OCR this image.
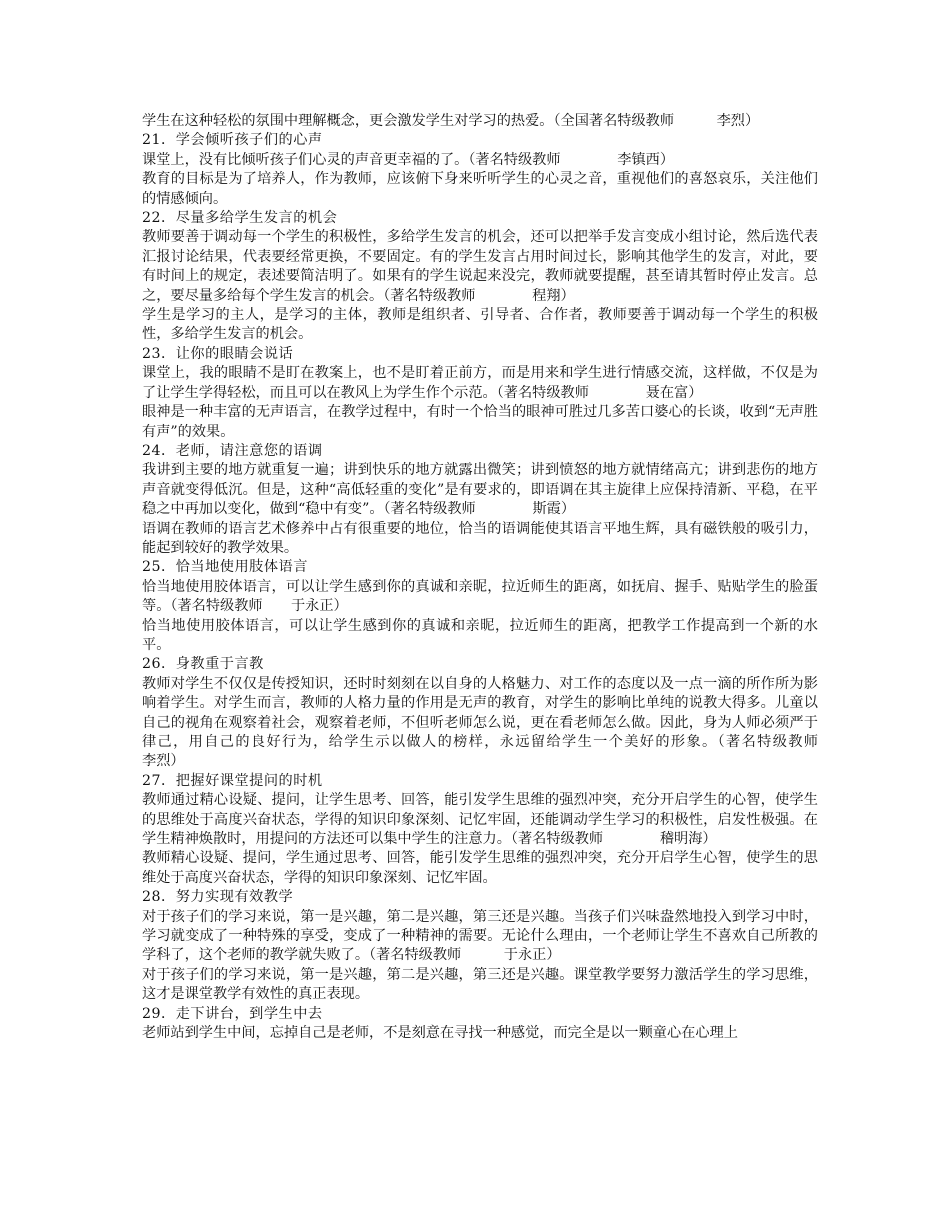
学生在这种轻松的氛围中理解概念，更会激发学生对学习的热爱。（全国著名特级教师　　　李烈）

21．学会倾听孩子们的心声

课堂上，没有比倾听孩子们心灵的声音更幸福的了。（著名特级教师　　　　李镇西）

教育的目标是为了培养人，作为教师，应该俯下身来听听学生的心灵之音，重视他们的喜怒哀乐，关注他们的情感倾向。

22．尽量多给学生发言的机会

教师要善于调动每一个学生的积极性，多给学生发言的机会，还可以把举手发言变成小组讨论，然后选代表汇报讨论结果，代表要经常更换，不要固定。有的学生发言占用时间过长，影响其他学生的发言，对此，要有时间上的规定，表述要简洁明了。如果有的学生说起来没完，教师就要提醒，甚至请其暂时停止发言。总之，要尽量多给每个学生发言的机会。（著名特级教师　　　　程翔）

学生是学习的主人，是学习的主体，教师是组织者、引导者、合作者，教师要善于调动每一个学生的积极性，多给学生发言的机会。

23．让你的眼睛会说话

课堂上，我的眼睛不是盯在教案上，也不是盯着正前方，而是用来和学生进行情感交流，这样做，不仅是为了让学生学得轻松，而且可以在教风上为学生作个示范。（著名特级教师　　　　聂在富）

眼神是一种丰富的无声语言，在教学过程中，有时一个恰当的眼神可胜过几多苦口婆心的长谈，收到“无声胜有声”的效果。

24．老师，请注意您的语调

我讲到主要的地方就重复一遍；讲到快乐的地方就露出微笑；讲到愤怒的地方就情绪高亢；讲到悲伤的地方声音就变得低沉。但是，这种“高低轻重的变化”是有要求的，即语调在其主旋律上应保持清新、平稳，在平稳之中再加以变化，做到“稳中有变”。（著名特级教师　　　　斯霞）

语调在教师的语言艺术修养中占有很重要的地位，恰当的语调能使其语言平地生辉，具有磁铁般的吸引力，能起到较好的教学效果。

25．恰当地使用肢体语言

恰当地使用胶体语言，可以让学生感到你的真诚和亲昵，拉近师生的距离，如抚肩、握手、贴贴学生的脸蛋等。（著名特级教师　　于永正）

恰当地使用胶体语言，可以让学生感到你的真诚和亲昵，拉近师生的距离，把教学工作提高到一个新的水平。

26．身教重于言教

教师对学生不仅仅是传授知识，还时时刻刻在以自身的人格魅力、对工作的态度以及一点一滴的所作所为影响着学生。对学生而言，教师的人格力量的作用是无声的教育，对学生的影响比单纯的说教大得多。儿童以自己的视角在观察着社会，观察着老师，不但听老师怎么说，更在看老师怎么做。因此，身为人师必须严于律己，用自己的良好行为，给学生示以做人的榜样，永远留给学生一个美好的形象。（著名特级教师　　　　李烈）

27．把握好课堂提问的时机

教师通过精心设疑、提问，让学生思考、回答，能引发学生思维的强烈冲突，充分开启学生的心智，使学生的思维处于高度兴奋状态，学得的知识印象深刻、记忆牢固，还能调动学生学习的积极性，启发性极强。在学生精神焕散时，用提问的方法还可以集中学生的注意力。（著名特级教师　　　　稽明海）

教师精心设疑、提问，学生通过思考、回答，能引发学生思维的强烈冲突，充分开启学生心智，使学生的思维处于高度兴奋状态，学得的知识印象深刻、记忆牢固。

28．努力实现有效教学

对于孩子们的学习来说，第一是兴趣，第二是兴趣，第三还是兴趣。当孩子们兴味盎然地投入到学习中时，学习就变成了一种特殊的享受，变成了一种精神的需要。无论什么理由，一个老师让学生不喜欢自己所教的学科了，这个老师的教学就失败了。（著名特级教师　　　于永正）

对于孩子们的学习来说，第一是兴趣，第二是兴趣，第三还是兴趣。课堂教学要努力激活学生的学习思维，这才是课堂教学有效性的真正表现。

29．走下讲台，到学生中去

老师站到学生中间，忘掉自己是老师，不是刻意在寻找一种感觉，而完全是以一颗童心在心理上
